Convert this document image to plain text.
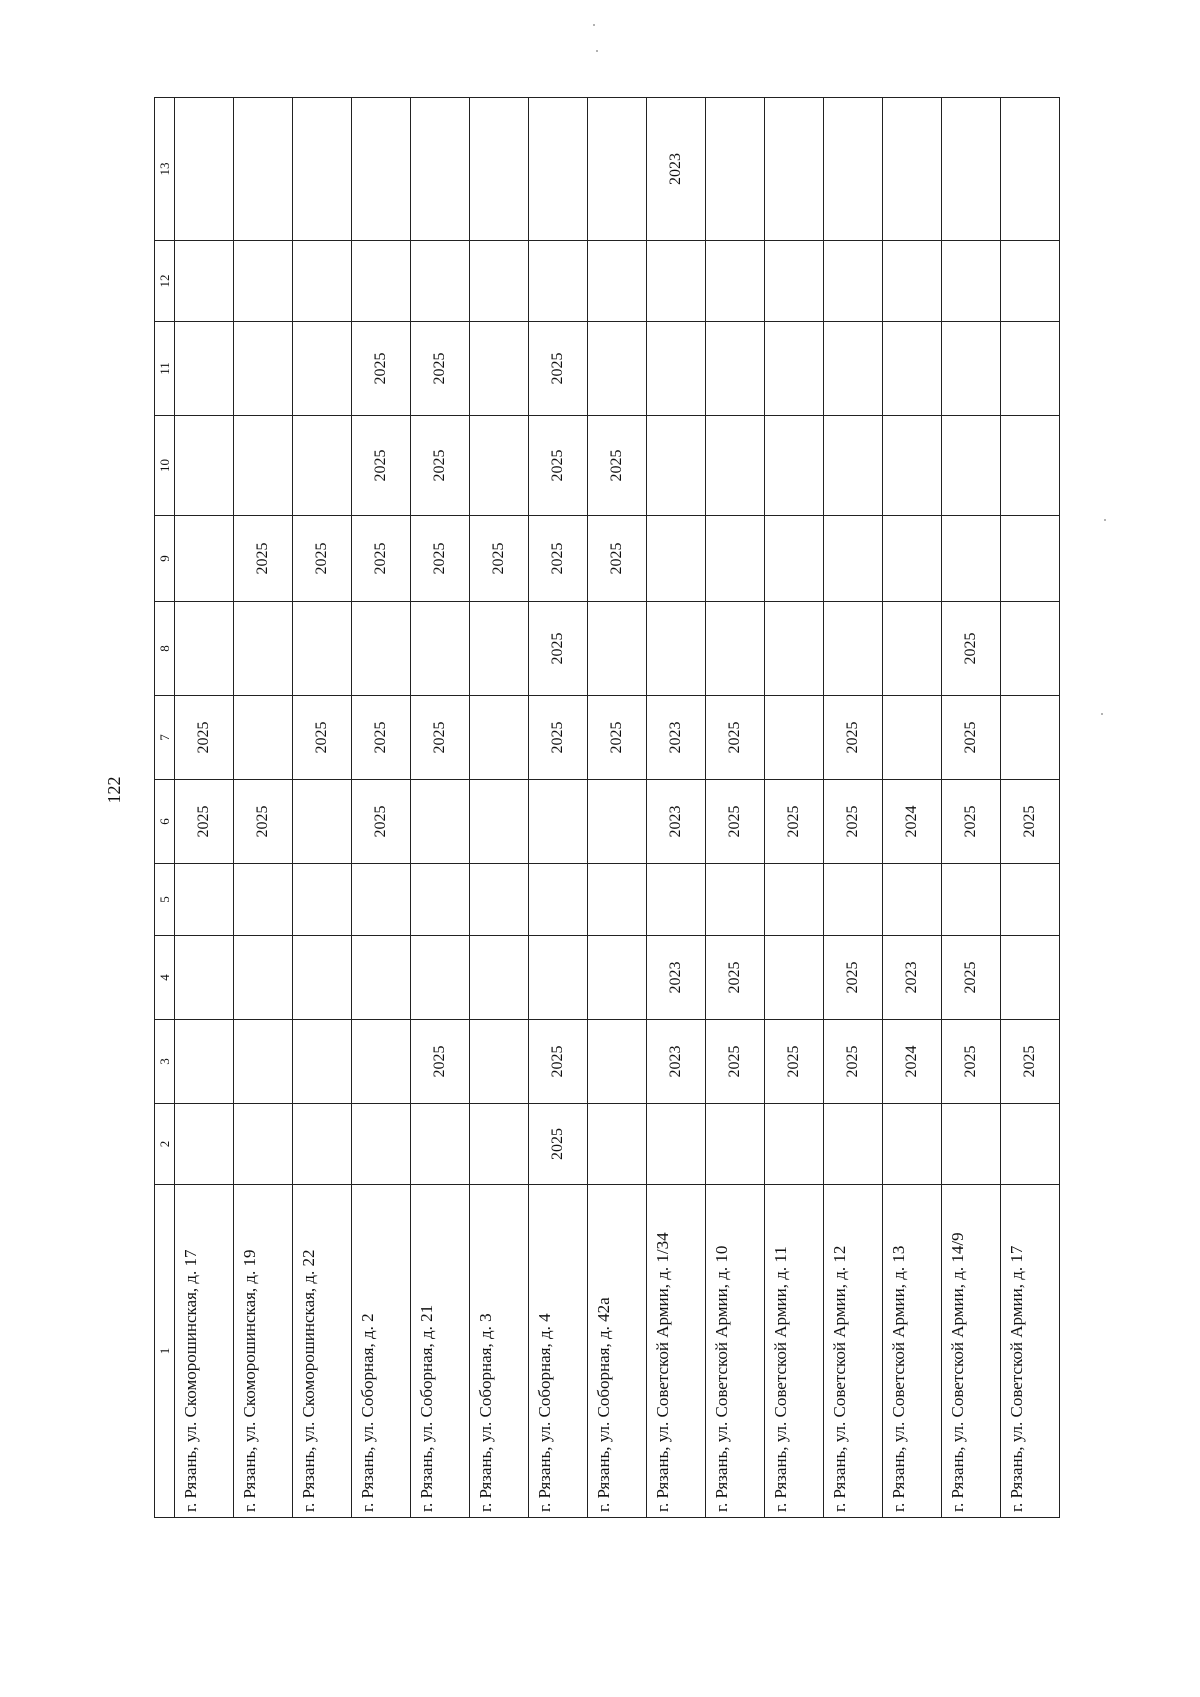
122
1	2	3	4	5	6	7	8	9	10	11	12	13
г. Рязань, ул. Скоморошинская, д. 17					2025	2025						
г. Рязань, ул. Скоморошинская, д. 19					2025			2025				
г. Рязань, ул. Скоморошинская, д. 22						2025		2025				
г. Рязань, ул. Соборная, д. 2					2025	2025		2025	2025	2025		
г. Рязань, ул. Соборная, д. 21		2025				2025		2025	2025	2025		
г. Рязань, ул. Соборная, д. 3								2025				
г. Рязань, ул. Соборная, д. 4	2025	2025				2025	2025	2025	2025	2025		
г. Рязань, ул. Соборная, д. 42а						2025		2025	2025			
г. Рязань, ул. Советской Армии, д. 1/34		2023	2023		2023	2023						2023
г. Рязань, ул. Советской Армии, д. 10		2025	2025		2025	2025						
г. Рязань, ул. Советской Армии, д. 11		2025			2025							
г. Рязань, ул. Советской Армии, д. 12		2025	2025		2025	2025						
г. Рязань, ул. Советской Армии, д. 13		2024	2023		2024							
г. Рязань, ул. Советской Армии, д. 14/9		2025	2025		2025	2025	2025					
г. Рязань, ул. Советской Армии, д. 17		2025			2025							
